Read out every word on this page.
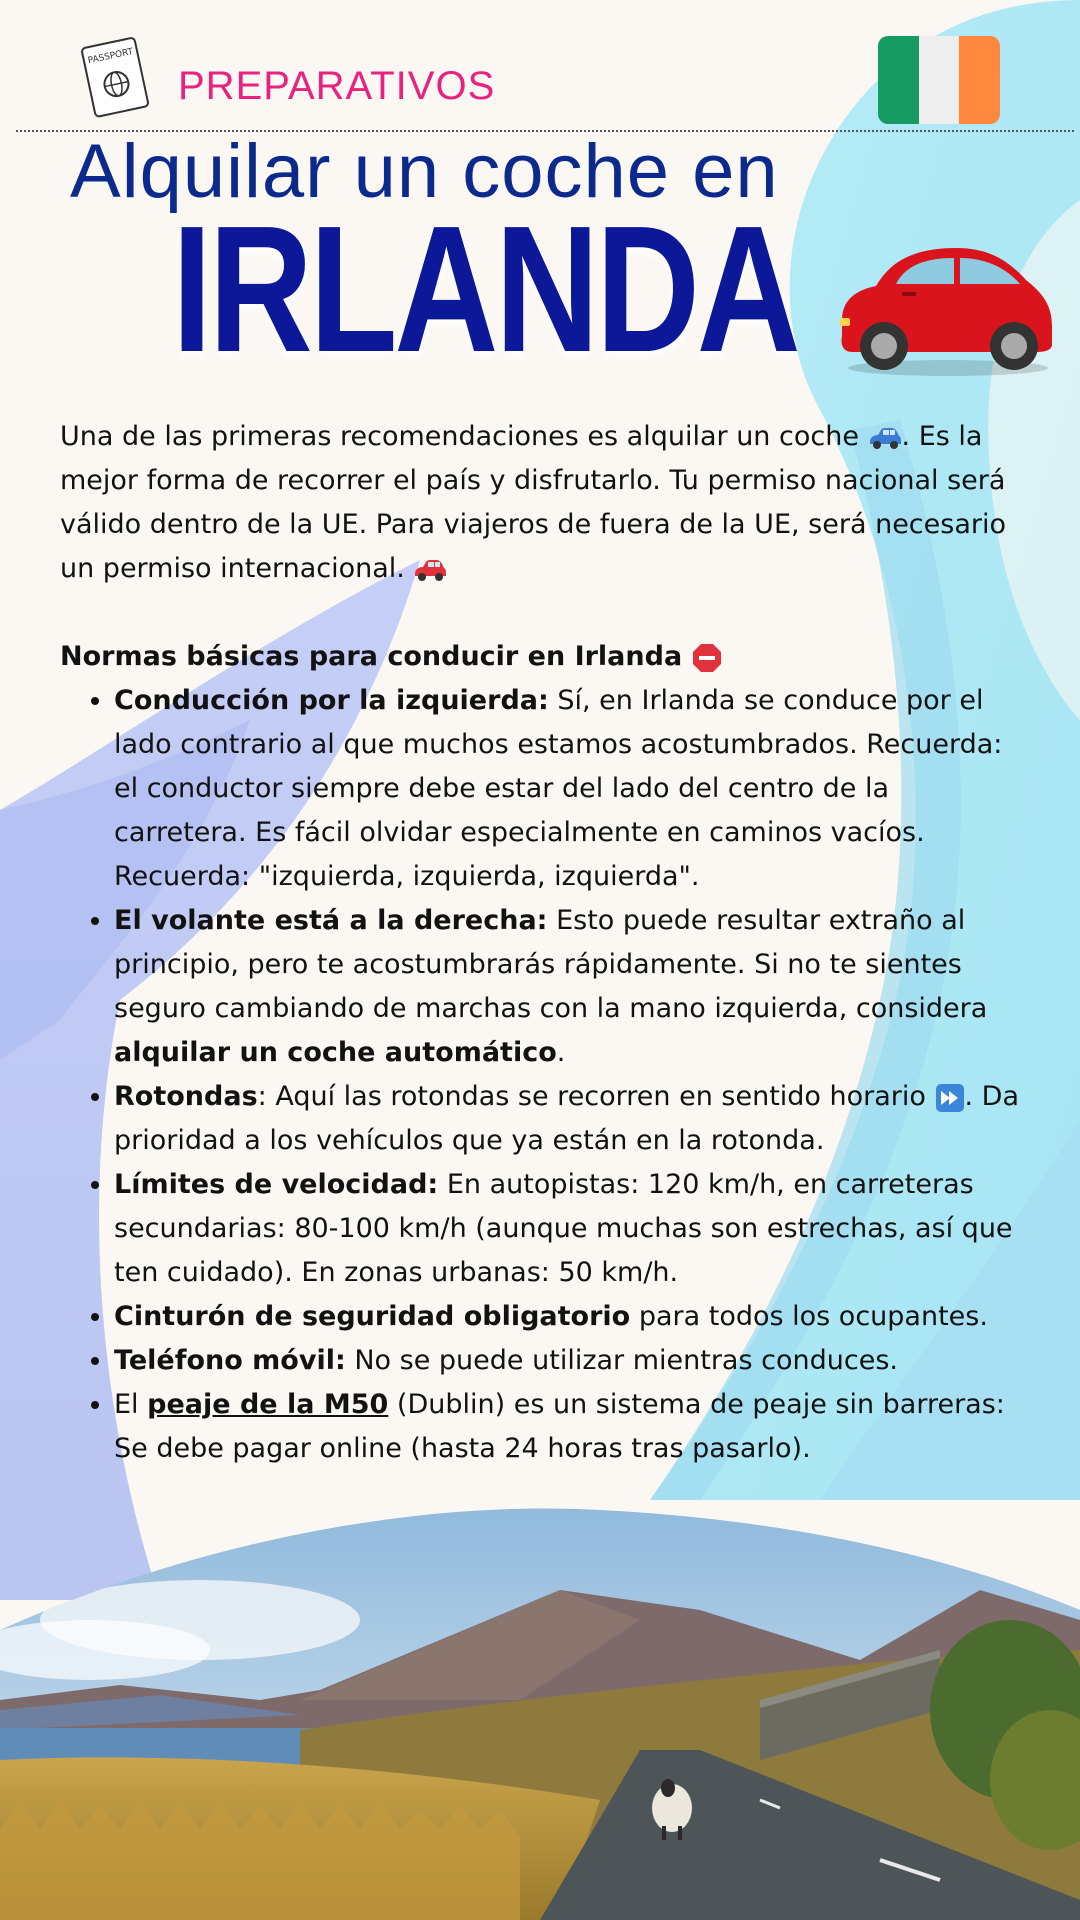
PASSPORT
PREPARATIVOS
Alquilar un coche en
IRLANDA

Una de las primeras recomendaciones es alquilar un coche . Es la mejor forma de recorrer el país y disfrutarlo. Tu permiso nacional será válido dentro de la UE. Para viajeros de fuera de la UE, será necesario un permiso internacional.

Normas básicas para conducir en Irlanda
• Conducción por la izquierda: Sí, en Irlanda se conduce por el lado contrario al que muchos estamos acostumbrados. Recuerda: el conductor siempre debe estar del lado del centro de la carretera. Es fácil olvidar especialmente en caminos vacíos. Recuerda: "izquierda, izquierda, izquierda".
• El volante está a la derecha: Esto puede resultar extraño al principio, pero te acostumbrarás rápidamente. Si no te sientes seguro cambiando de marchas con la mano izquierda, considera alquilar un coche automático.
• Rotondas: Aquí las rotondas se recorren en sentido horario . Da prioridad a los vehículos que ya están en la rotonda.
• Límites de velocidad: En autopistas: 120 km/h, en carreteras secundarias: 80-100 km/h (aunque muchas son estrechas, así que ten cuidado). En zonas urbanas: 50 km/h.
• Cinturón de seguridad obligatorio para todos los ocupantes.
• Teléfono móvil: No se puede utilizar mientras conduces.
• El peaje de la M50 (Dublin) es un sistema de peaje sin barreras: Se debe pagar online (hasta 24 horas tras pasarlo).
